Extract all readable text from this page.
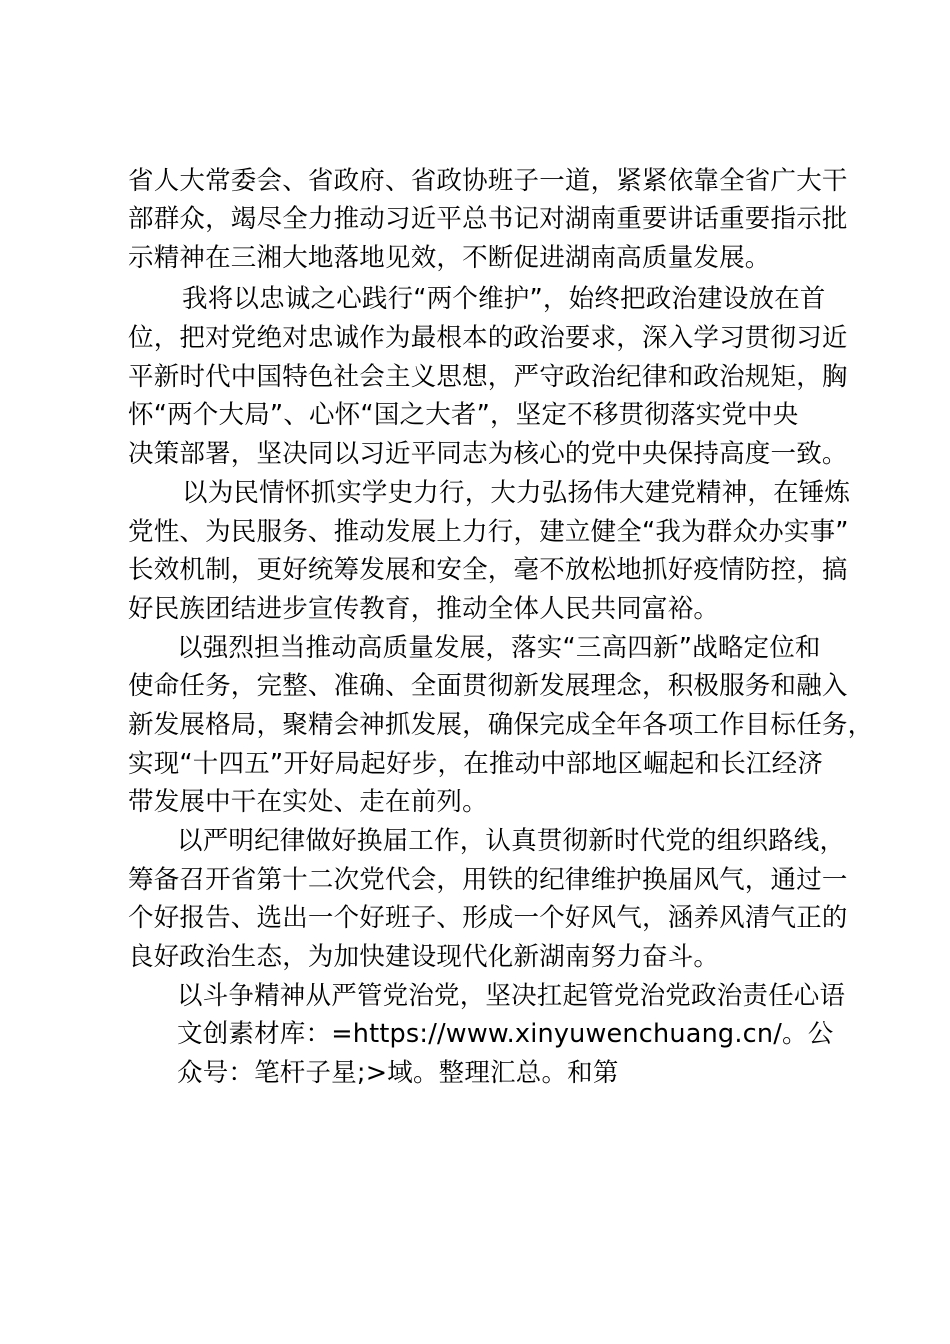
省人大常委会、省政府、省政协班子一道，紧紧依靠全省广大干
部群众，竭尽全力推动习近平总书记对湖南重要讲话重要指示批
示精神在三湘大地落地见效，不断促进湖南高质量发展。
我将以忠诚之心践行“两个维护”，始终把政治建设放在首
位，把对党绝对忠诚作为最根本的政治要求，深入学习贯彻习近
平新时代中国特色社会主义思想，严守政治纪律和政治规矩，胸
怀“两个大局”、心怀“国之大者”，坚定不移贯彻落实党中央
决策部署，坚决同以习近平同志为核心的党中央保持高度一致。
以为民情怀抓实学史力行，大力弘扬伟大建党精神，在锤炼
党性、为民服务、推动发展上力行，建立健全“我为群众办实事”
长效机制，更好统筹发展和安全，毫不放松地抓好疫情防控，搞
好民族团结进步宣传教育，推动全体人民共同富裕。
以强烈担当推动高质量发展，落实“三高四新”战略定位和
使命任务，完整、准确、全面贯彻新发展理念，积极服务和融入
新发展格局，聚精会神抓发展，确保完成全年各项工作目标任务，
实现“十四五”开好局起好步，在推动中部地区崛起和长江经济
带发展中干在实处、走在前列。
以严明纪律做好换届工作，认真贯彻新时代党的组织路线，
筹备召开省第十二次党代会，用铁的纪律维护换届风气，通过一
个好报告、选出一个好班子、形成一个好风气，涵养风清气正的
良好政治生态，为加快建设现代化新湖南努力奋斗。
以斗争精神从严管党治党，坚决扛起管党治党政治责任心语
文创素材库：=https://www.xinyuwenchuang.cn/。公
众号：笔杆子星;>域。整理汇总。和第
